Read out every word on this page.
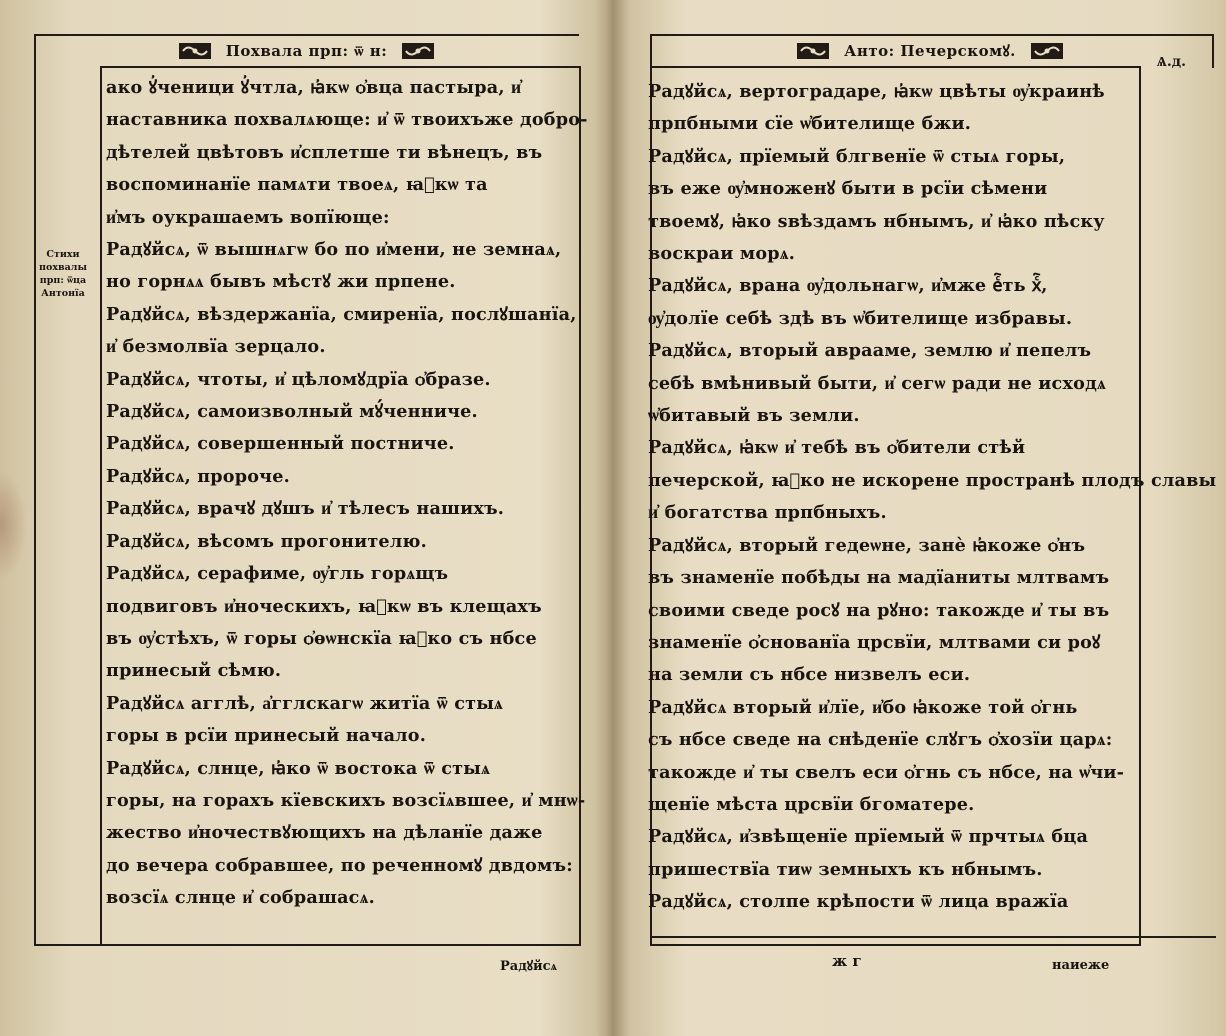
Похвала прп: ѿ н:
Стихи
похвалы
прп: ѿца
Антонїа
ако ꙋ҆ченици ꙋ҆чтла, ꙗ҆кѡ ѻ҆вца пастыра, и҆
наставника похвалѧюще: и҆ ѿ твоихъже добро-
дѣтелей цвѣтовъ и҆сплетше ти вѣнецъ, въ
воспоминанїе памѧти твоеѧ, ꙗ҆кѡ та
и҆мъ оукрашаемъ вопїюще:
Радꙋйсѧ, ѿ вышнѧгѡ бо по и҆мени, не земнаѧ,
но горнѧѧ бывъ мѣстꙋ жи прпене.
Радꙋйсѧ, вѣздержанїа, смиренїа, послꙋшанїа,
и҆ безмолвїа зерцало.
Радꙋйсѧ, чтоты, и҆ цѣломꙋдрїа ѻ҆бразе.
Радꙋйсѧ, самоизволный мꙋ́ченниче.
Радꙋйсѧ, совершенный постниче.
Радꙋйсѧ, пророче.
Радꙋйсѧ, врачꙋ дꙋшъ и҆ тѣлесъ нашихъ.
Радꙋйсѧ, вѣсомъ прогонителю.
Радꙋйсѧ, серафиме, ѹ҆гль горѧщъ
подвиговъ и҆ноческихъ, ꙗ҆кѡ въ клещахъ
въ ѹ҆стѣхъ, ѿ горы ѻ҆ѳѡнскїа ꙗ҆ко съ нбсе
принесый сѣмю.
Радꙋйсѧ агглѣ, а҆гглскагѡ житїа ѿ стыѧ
горы в рсїи принесый начало.
Радꙋйсѧ, слнце, ꙗ҆ко ѿ востока ѿ стыѧ
горы, на горахъ кїевскихъ возсїѧвшее, и҆ мнѡ-
жество и҆ночествꙋющихъ на дѣланїе даже
до вечера собравшее, по реченномꙋ двдомъ:
возсїѧ слнце и҆ собрашасѧ.
Радꙋйсѧ
Анто: Печерскомꙋ.
Ѧ.д.
ж г	наиеже
Радꙋйсѧ, вертоградаре, ꙗ҆кѡ цвѣты ѹ҆краинѣ
прпбными сїе ѡ҆бителище бжи.
Радꙋйсѧ, прїемый блгвенїе ѿ стыѧ горы,
въ еже ѹ҆множенꙋ быти в рсїи сѣмени
твоемꙋ, ꙗ҆ко ѕвѣздамъ нбнымъ, и҆ ꙗ҆ко пѣску
воскраи морѧ.
Радꙋйсѧ, врана ѹ҆дольнагѡ, и҆мже еⷭ҇ть хⷭ҇,
ѹ҆долїе себѣ здѣ въ ѡ҆бителище избравы.
Радꙋйсѧ, вторый аврааме, землю и҆ пепелъ
себѣ вмѣнивый быти, и҆ сегѡ ради не исходѧ
ѡ҆битавый въ земли.
Радꙋйсѧ, ꙗ҆кѡ и҆ тебѣ въ ѻ҆бители стѣй
печерской, ꙗ҆ко не искорене пространѣ плодъ славы
и҆ богатства прпбныхъ.
Радꙋйсѧ, вторый гедеѡне, занѐ ꙗ҆коже ѻ҆нъ
въ знаменїе побѣды на мадїаниты млтвамъ
своими сведе росꙋ на рꙋно: такожде и҆ ты въ
знаменїе ѻ҆снованїа црсвїи, млтвами си роꙋ
на земли съ нбсе низвелъ еси.
Радꙋйсѧ вторый и҆лїе, и҆бо ꙗ҆коже той ѻ҆гнь
съ нбсе сведе на снѣденїе слꙋгъ ѻ҆хозїи царѧ:
такожде и҆ ты свелъ еси ѻ҆гнь съ нбсе, на ѡ҆чи-
щенїе мѣста црсвїи бгоматере.
Радꙋйсѧ, и҆звѣщенїе прїемый ѿ прчтыѧ бца
пришествїа тиѡ земныхъ къ нбнымъ.
Радꙋйсѧ, столпе крѣпости ѿ лица вражїа
